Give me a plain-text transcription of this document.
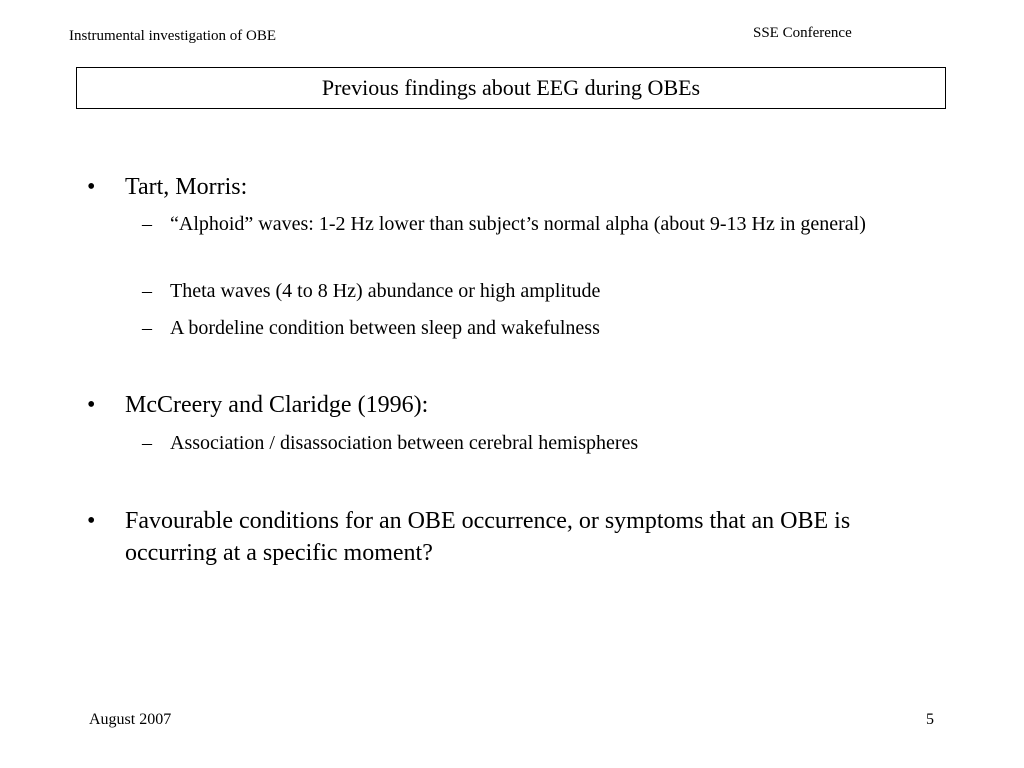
Instrumental investigation of OBE	SSE Conference
Previous findings about EEG during OBEs
• Tart, Morris:
– “Alphoid” waves: 1-2 Hz lower than subject’s normal alpha (about 9-13 Hz in general)
– Theta waves (4 to 8 Hz) abundance or high amplitude
– A bordeline condition between sleep and wakefulness
• McCreery and Claridge (1996):
– Association / disassociation between cerebral hemispheres
• Favourable conditions for an OBE occurrence, or symptoms that an OBE is occurring at a specific moment?
August 2007	5
